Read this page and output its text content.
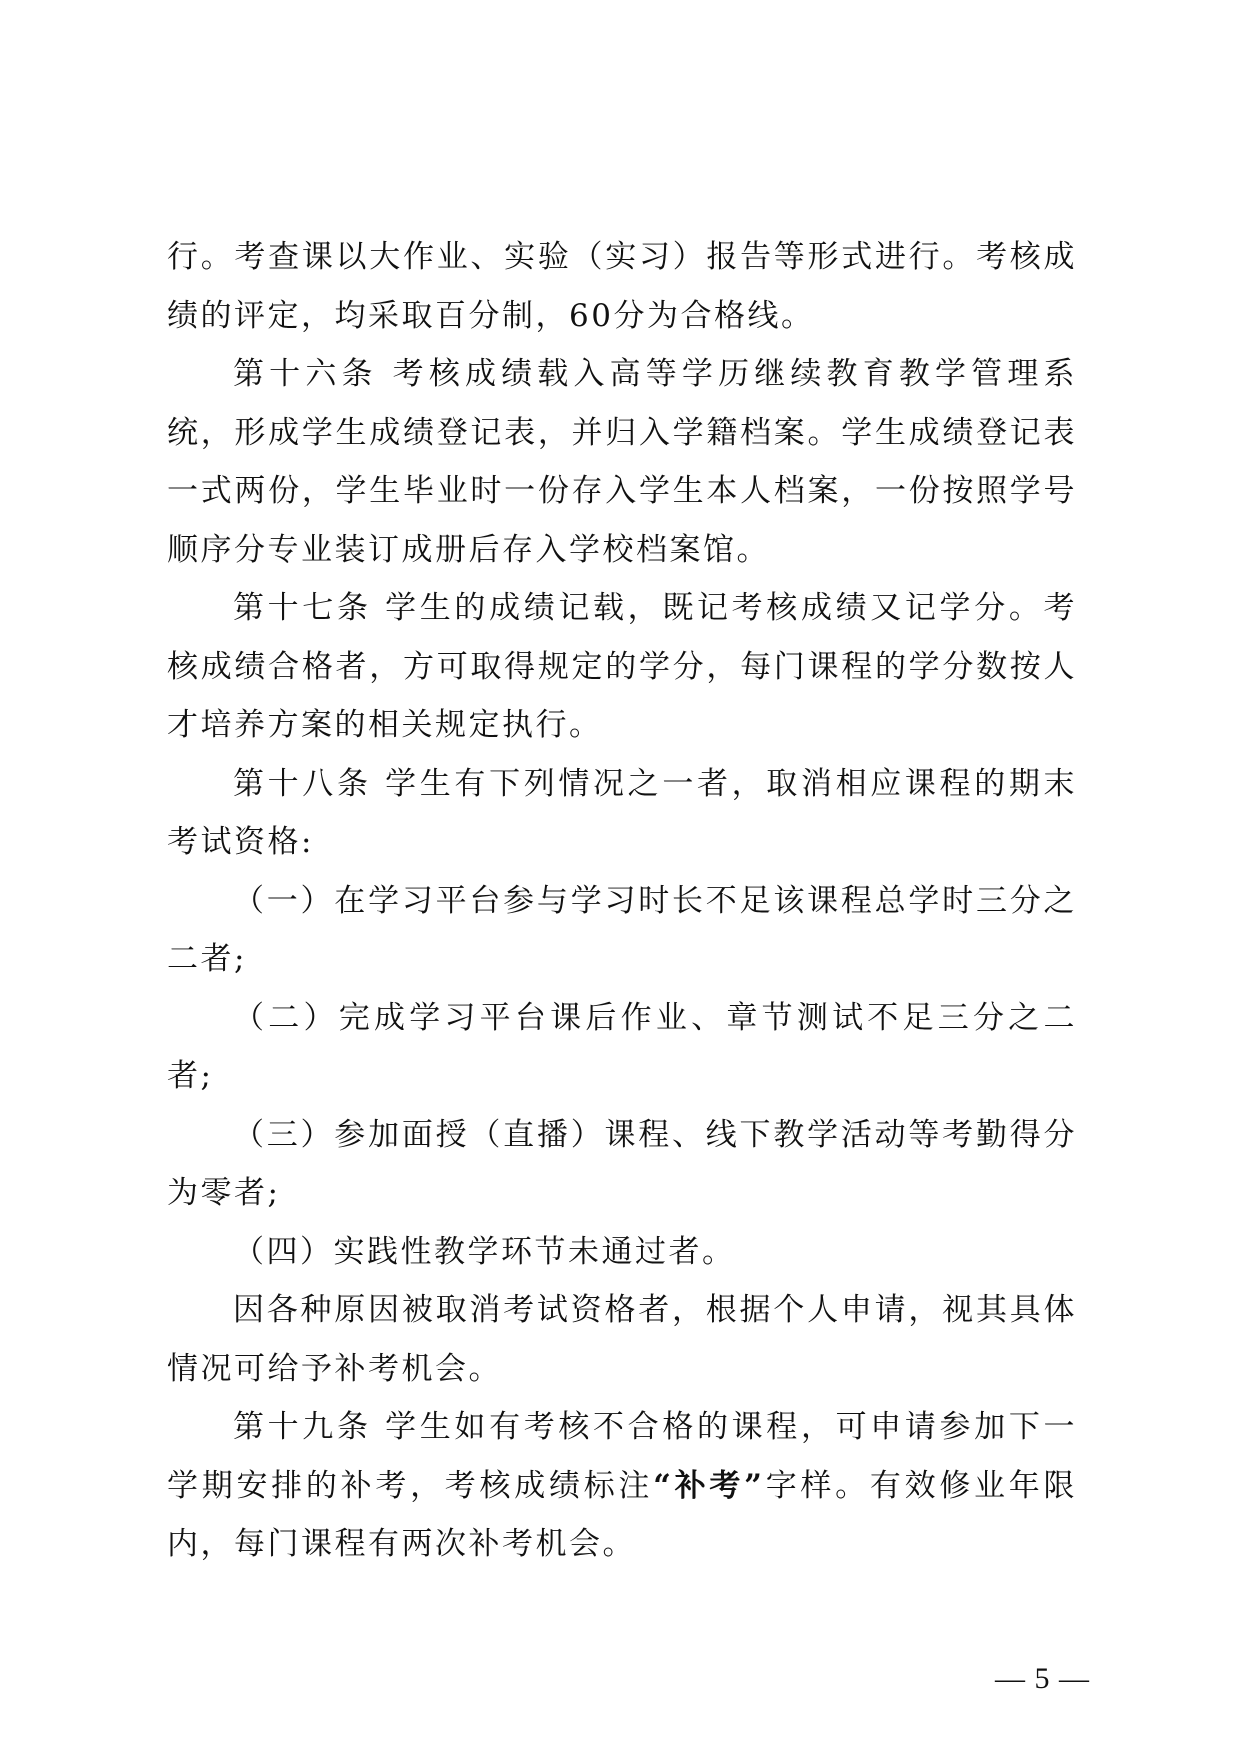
行。考查课以大作业、实验（实习）报告等形式进行。考核成绩的评定，均采取百分制，60分为合格线。

第十六条 考核成绩载入高等学历继续教育教学管理系统，形成学生成绩登记表，并归入学籍档案。学生成绩登记表一式两份，学生毕业时一份存入学生本人档案，一份按照学号顺序分专业装订成册后存入学校档案馆。

第十七条 学生的成绩记载，既记考核成绩又记学分。考核成绩合格者，方可取得规定的学分，每门课程的学分数按人才培养方案的相关规定执行。

第十八条 学生有下列情况之一者，取消相应课程的期末考试资格:

（一）在学习平台参与学习时长不足该课程总学时三分之二者;

（二）完成学习平台课后作业、章节测试不足三分之二者;

（三）参加面授（直播）课程、线下教学活动等考勤得分为零者;

（四）实践性教学环节未通过者。

因各种原因被取消考试资格者，根据个人申请，视其具体情况可给予补考机会。

第十九条 学生如有考核不合格的课程，可申请参加下一学期安排的补考，考核成绩标注“补考”字样。有效修业年限内，每门课程有两次补考机会。

— 5 —
